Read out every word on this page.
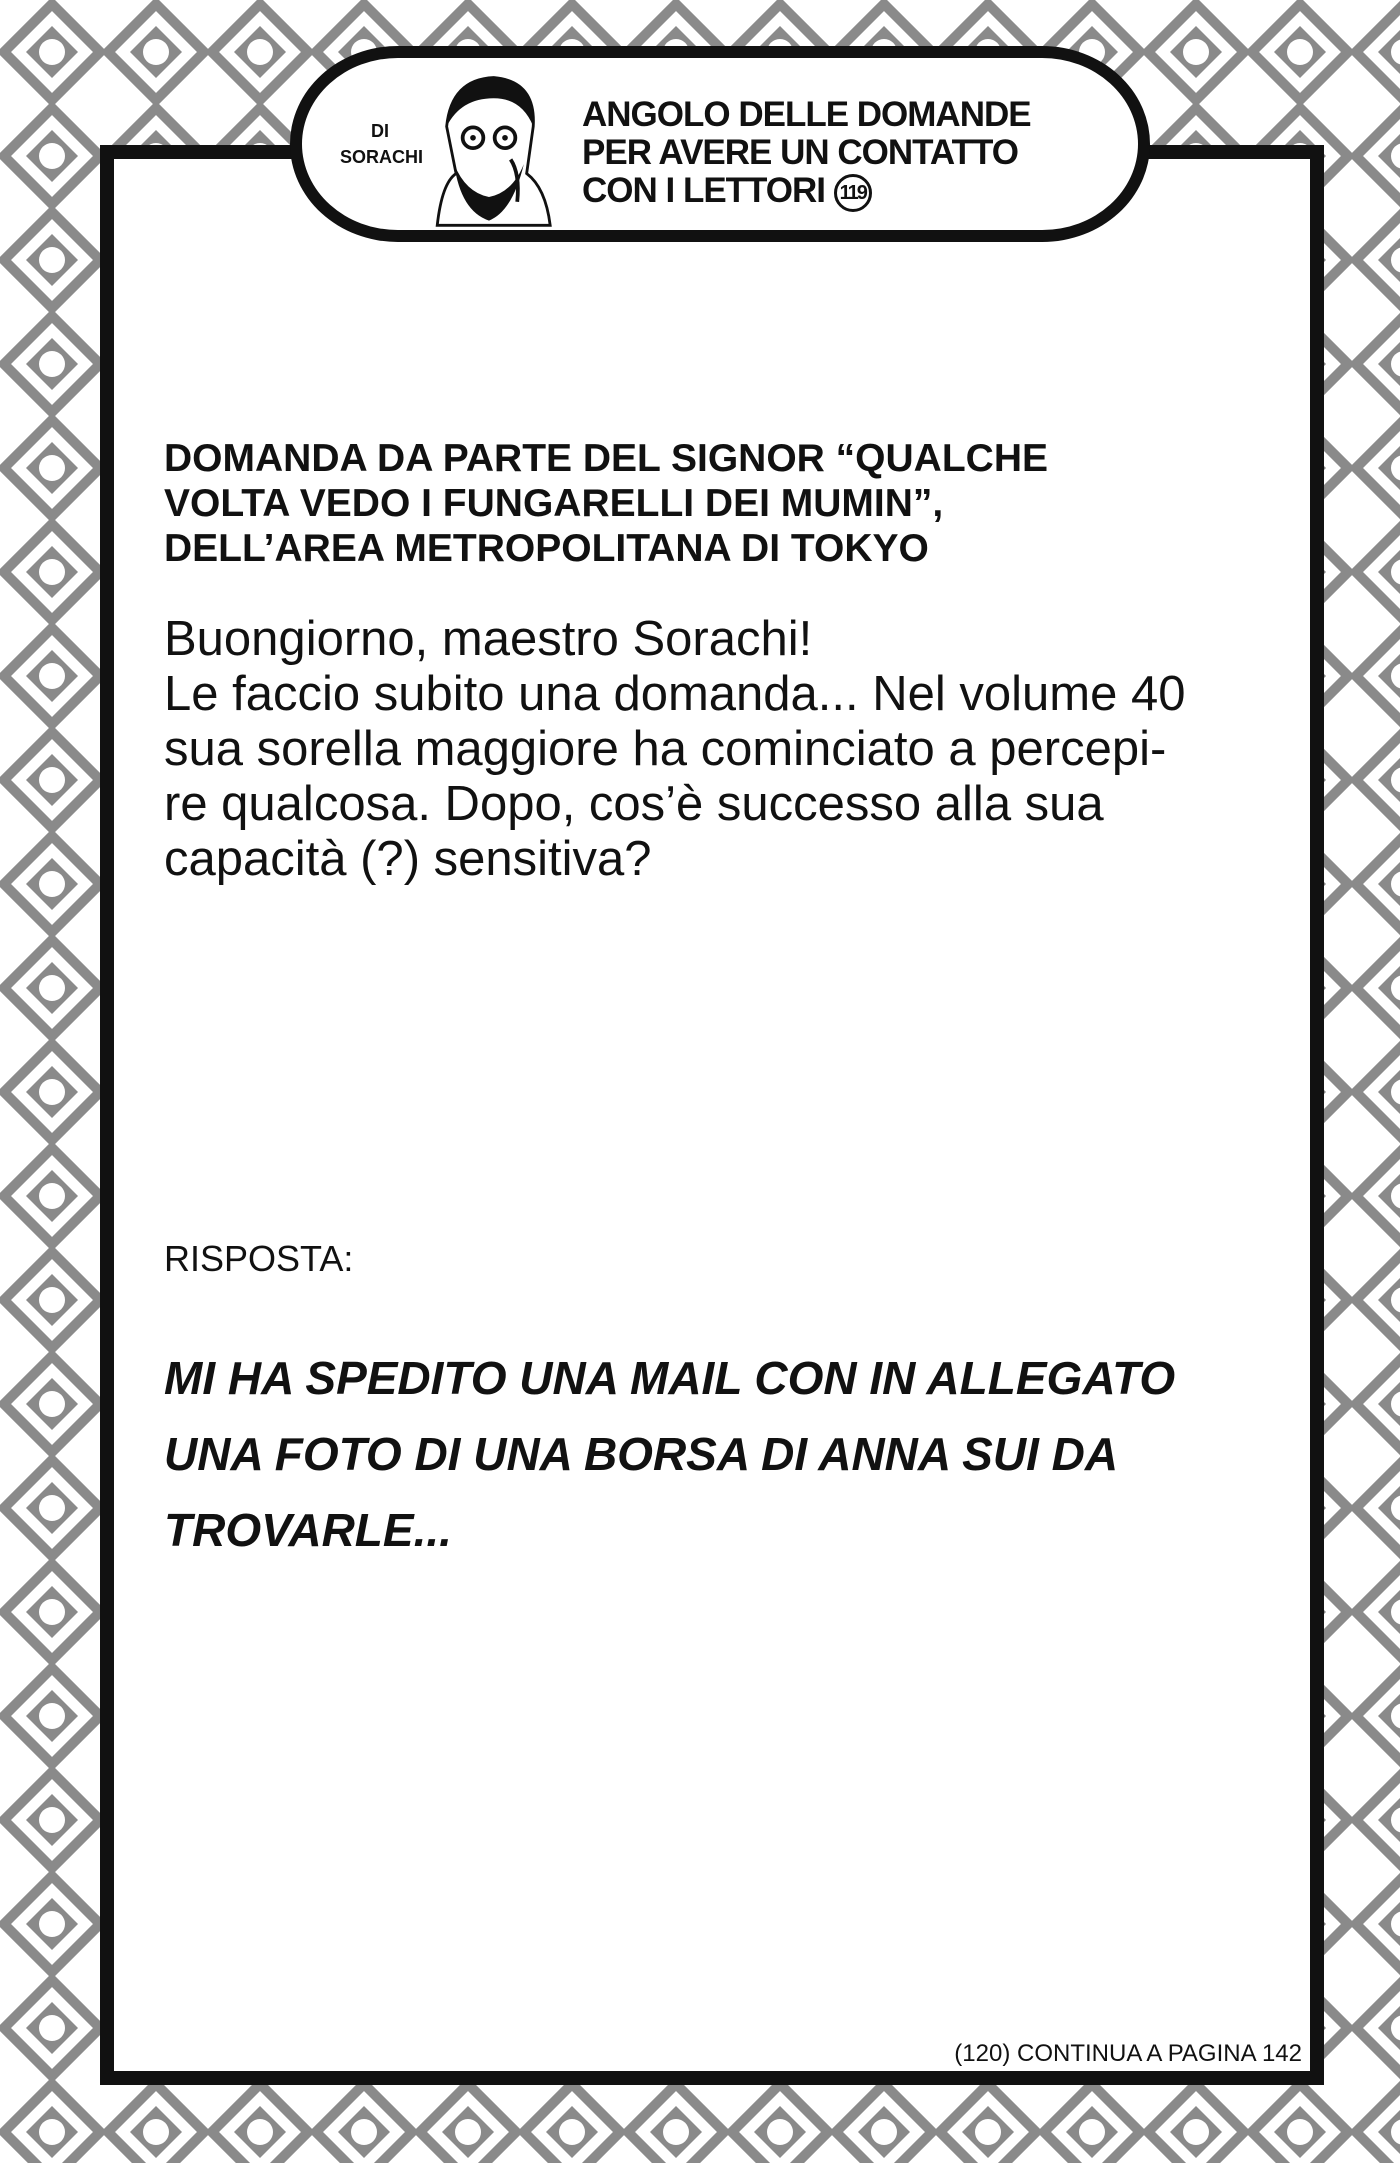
DI
SORACHI
ANGOLO DELLE DOMANDE
PER AVERE UN CONTATTO
CON I LETTORI 119
DOMANDA DA PARTE DEL SIGNOR “QUALCHE
VOLTA VEDO I FUNGARELLI DEI MUMIN”,
DELL’AREA METROPOLITANA DI TOKYO
Buongiorno, maestro Sorachi!
Le faccio subito una domanda... Nel volume 40
sua sorella maggiore ha cominciato a percepi-
re qualcosa. Dopo, cos’è successo alla sua
capacità (?) sensitiva?
RISPOSTA:
MI HA SPEDITO UNA MAIL CON IN ALLEGATO
UNA FOTO DI UNA BORSA DI ANNA SUI DA
TROVARLE...
(120) CONTINUA A PAGINA 142
